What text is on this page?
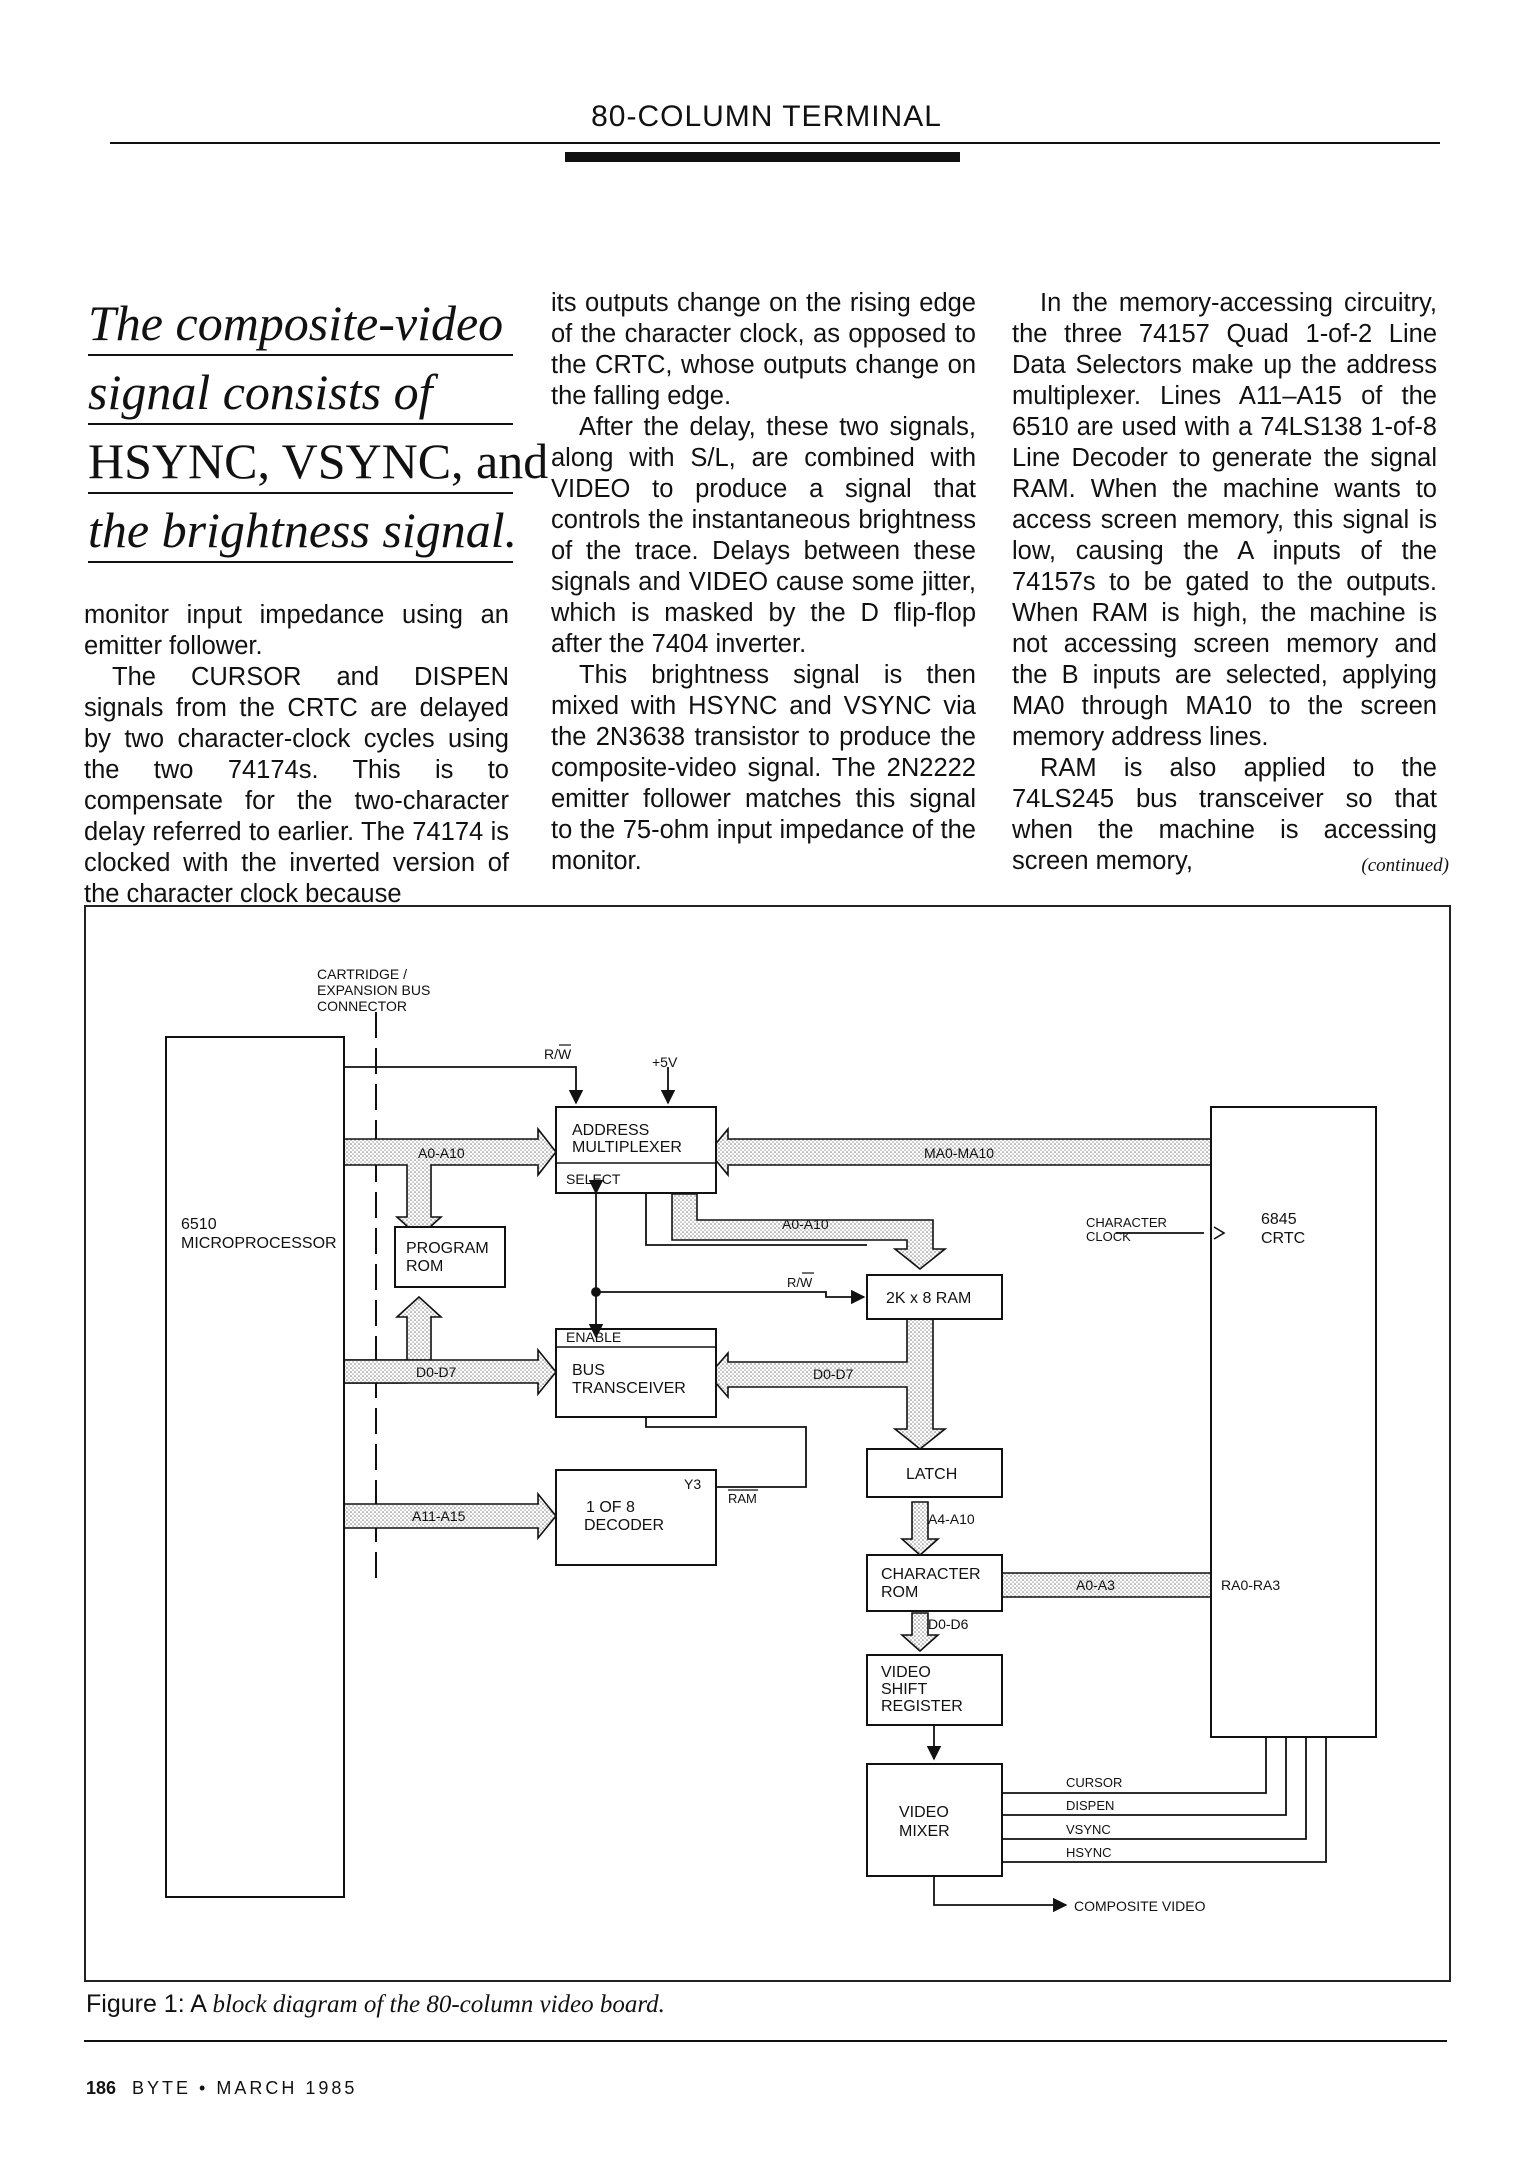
80-COLUMN TERMINAL
The composite-video
signal consists of
HSYNC, VSYNC, and
the brightness signal.

monitor input impedance using an emitter follower.

The CURSOR and DISPEN signals from the CRTC are delayed by two character-clock cycles using the two 74174s. This is to compensate for the two-character delay referred to earlier. The 74174 is clocked with the inverted version of the character clock because

its outputs change on the rising edge of the character clock, as opposed to the CRTC, whose outputs change on the falling edge.

After the delay, these two signals, along with S/L, are combined with VIDEO to produce a signal that controls the instantaneous brightness of the trace. Delays between these signals and VIDEO cause some jitter, which is masked by the D flip-flop after the 7404 inverter.

This brightness signal is then mixed with HSYNC and VSYNC via the 2N3638 transistor to produce the composite-video signal. The 2N2222 emitter follower matches this signal to the 75-ohm input impedance of the monitor.

In the memory-accessing circuitry, the three 74157 Quad 1-of-2 Line Data Selectors make up the address multiplexer. Lines A11–A15 of the 6510 are used with a 74LS138 1-of-8 Line Decoder to generate the signal RAM. When the machine wants to access screen memory, this signal is low, causing the A inputs of the 74157s to be gated to the outputs. When RAM is high, the machine is not accessing screen memory and the B inputs are selected, applying MA0 through MA10 to the screen memory address lines.

RAM is also applied to the 74LS245 bus transceiver so that when the machine is accessing screen memory,	(continued)
6510
MICROPROCESSOR
6845
CRTC
ADDRESS
MULTIPLEXER
SELECT
PROGRAM
ROM
2K x 8 RAM
ENABLE
BUS
TRANSCEIVER
1 OF 8
DECODER
Y3
LATCH
CHARACTER
ROM
VIDEO
SHIFT
REGISTER
VIDEO
MIXER
CHARACTER
CLOCK
CARTRIDGE /
EXPANSION BUS
CONNECTOR
R/W	+5V
A0-A10	MA0-MA10
A0-A10
R/W
D0-D7	D0-D7
A11-A15
RAM
A4-A10
A0-A3	RA0-RA3
D0-D6
CURSOR
DISPEN
VSYNC
HSYNC
COMPOSITE VIDEO
Figure 1: A block diagram of the 80-column video board.
186 BYTE • MARCH 1985
